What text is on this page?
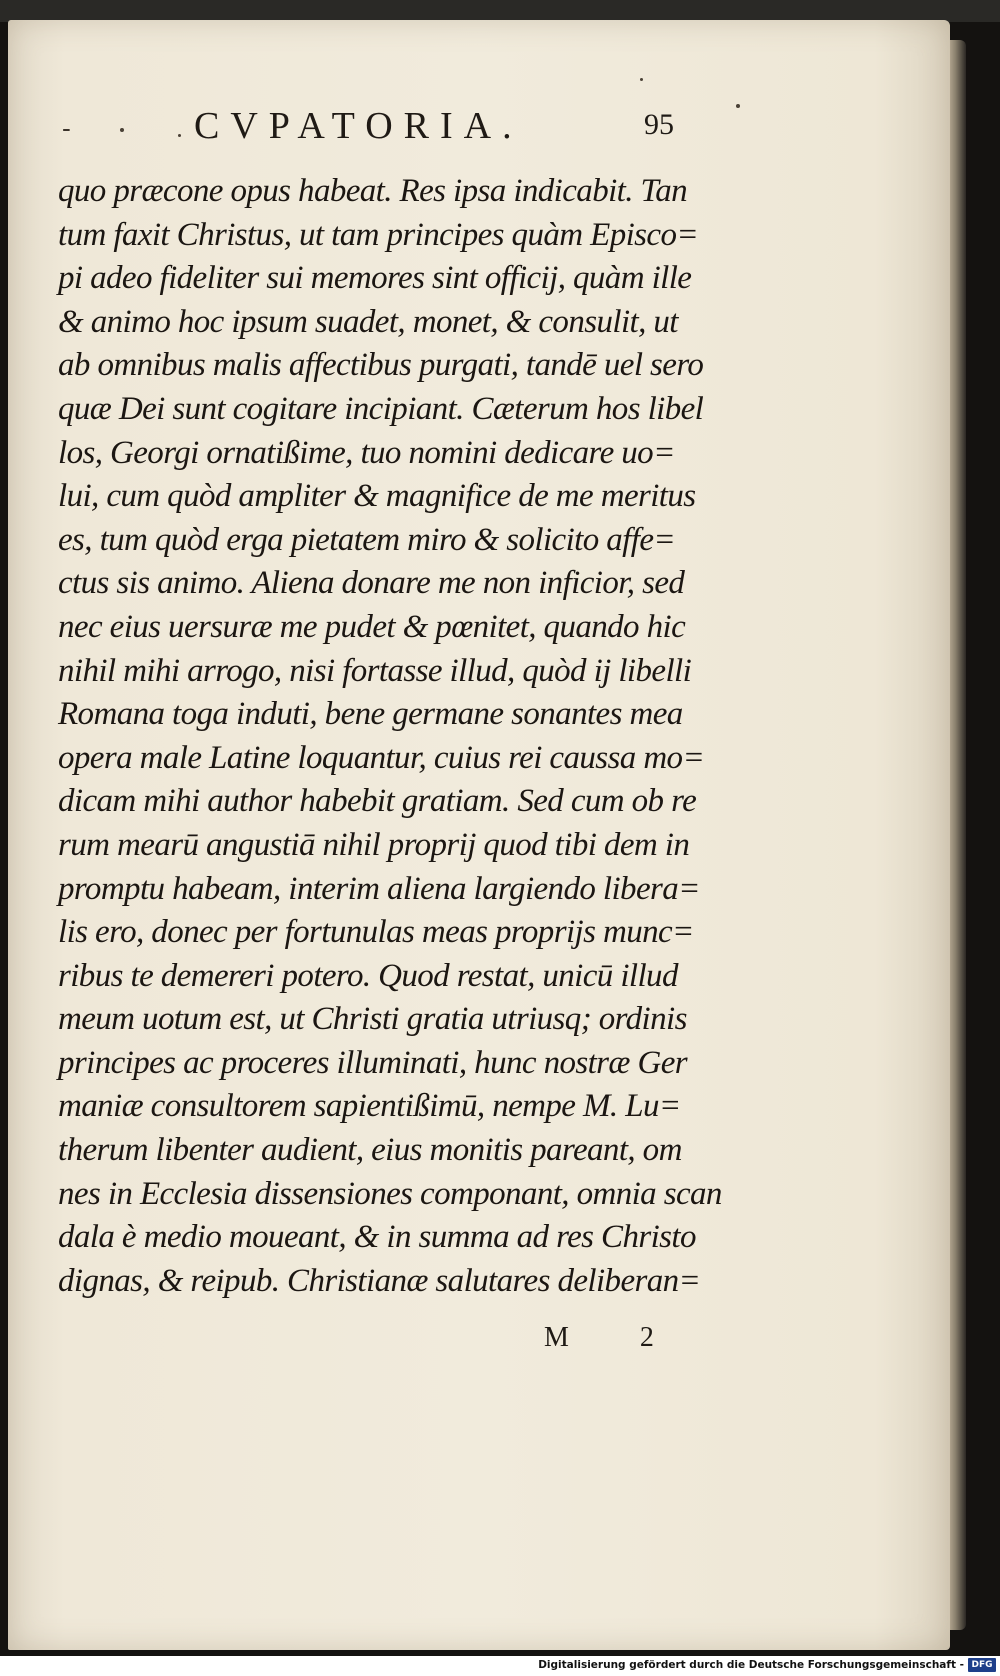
-	CVPATORIA.	95
quo præcone opus habeat. Res ipsa indicabit. Tan
tum faxit Christus, ut tam principes quàm Episco=
pi adeo fideliter sui memores sint officij, quàm ille
& animo hoc ipsum suadet, monet, & consulit, ut
ab omnibus malis affectibus purgati, tandē uel sero
quæ Dei sunt cogitare incipiant. Cæterum hos libel
los, Georgi ornatißime, tuo nomini dedicare uo=
lui, cum quòd ampliter & magnifice de me meritus
es, tum quòd erga pietatem miro & solicito affe=
ctus sis animo. Aliena donare me non inficior, sed
nec eius uersuræ me pudet & pœnitet, quando hic
nihil mihi arrogo, nisi fortasse illud, quòd ij libelli
Romana toga induti, bene germane sonantes mea
opera male Latine loquantur, cuius rei caussa mo=
dicam mihi author habebit gratiam. Sed cum ob re
rum mearū angustiā nihil proprij quod tibi dem in
promptu habeam, interim aliena largiendo libera=
lis ero, donec per fortunulas meas proprijs munc=
ribus te demereri potero. Quod restat, unicū illud
meum uotum est, ut Christi gratia utriusq; ordinis
principes ac proceres illuminati, hunc nostræ Ger
maniæ consultorem sapientißimū, nempe M. Lu=
therum libenter audient, eius monitis pareant, om
nes in Ecclesia dissensiones componant, omnia scan
dala è medio moueant, & in summa ad res Christo
dignas, & reipub. Christianæ salutares deliberan=
M 2
Digitalisierung gefördert durch die Deutsche Forschungsgemeinschaft - DFG
